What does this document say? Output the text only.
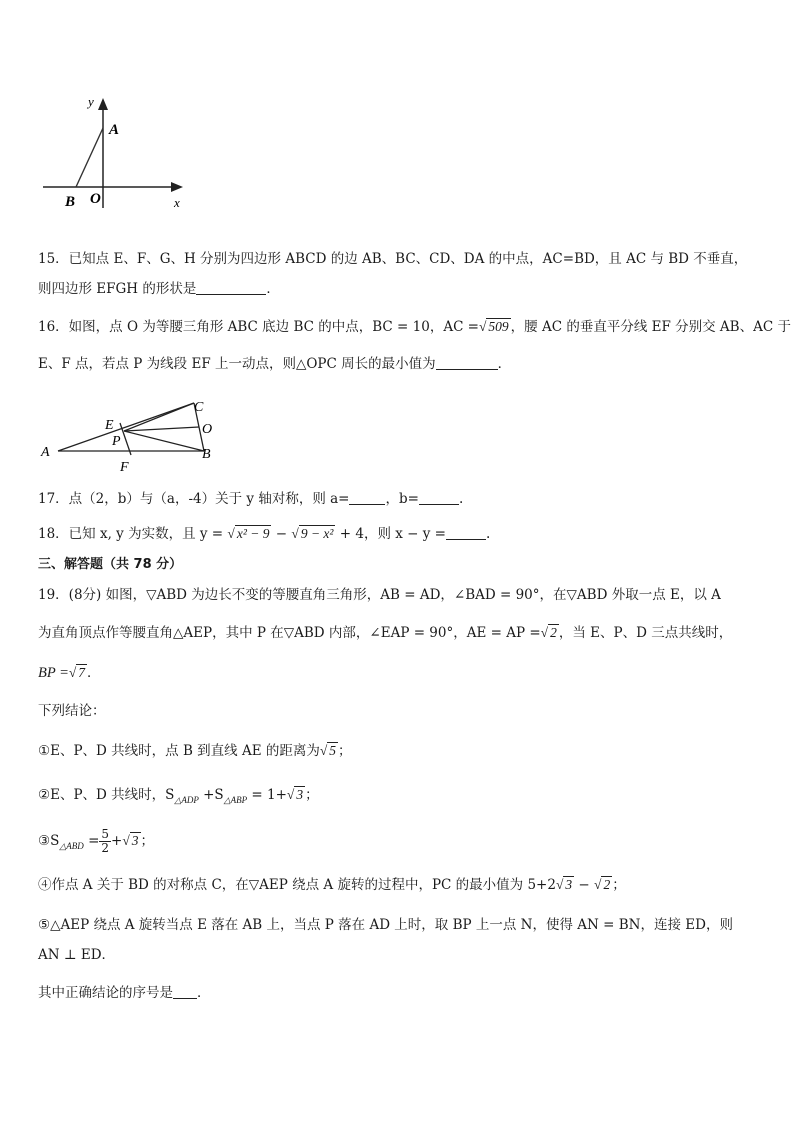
y
A
B O	x
15．已知点 E、F、G、H 分别为四边形 ABCD 的边 AB、BC、CD、DA 的中点，AC=BD，且 AC 与 BD 不垂直，
则四边形 EFGH 的形状是	．
16．如图，点 O 为等腰三角形 ABC 底边 BC 的中点，BC = 10，AC =√ 509 ，腰 AC 的垂直平分线 EF 分别交 AB、AC 于
E、F 点，若点 P 为线段 EF 上一动点，则△OPC 周长的最小值为	．
A	B
C
E
P
O
F
17．点（2，b）与（a，-4）关于 y 轴对称，则 a=	，b=	.
18．已知 x, y 为实数，且 y = √ x² − 9 − √ 9 − x² + 4，则 x − y =	.
三、解答题（共 78 分）
19．(8分) 如图，▽ABD 为边长不变的等腰直角三角形，AB = AD，∠BAD = 90°，在▽ABD 外取一点 E，以 A
为直角顶点作等腰直角△AEP，其中 P 在▽ABD 内部，∠EAP = 90°，AE = AP =√ 2 ，当 E、P、D 三点共线时，
BP =√ 7 ．
下列结论：
①E、P、D 共线时，点 B 到直线 AE 的距离为√ 5 ；
②E、P、D 共线时，$S_{\triangle ADP} +S_{\triangle ABP} = 1+√$ 3 ；
$③S_{\triangle ABD} = \frac{5}{2}$ +√ 3 ；
④作点 A 关于 BD 的对称点 C，在▽AEP 绕点 A 旋转的过程中，PC 的最小值为 5+2√ 3 − √ 2 ；
⑤△AEP 绕点 A 旋转当点 E 落在 AB 上，当点 P 落在 AD 上时，取 BP 上一点 N，使得 AN = BN，连接 ED，则
AN ⊥ ED．
其中正确结论的序号是 ．
